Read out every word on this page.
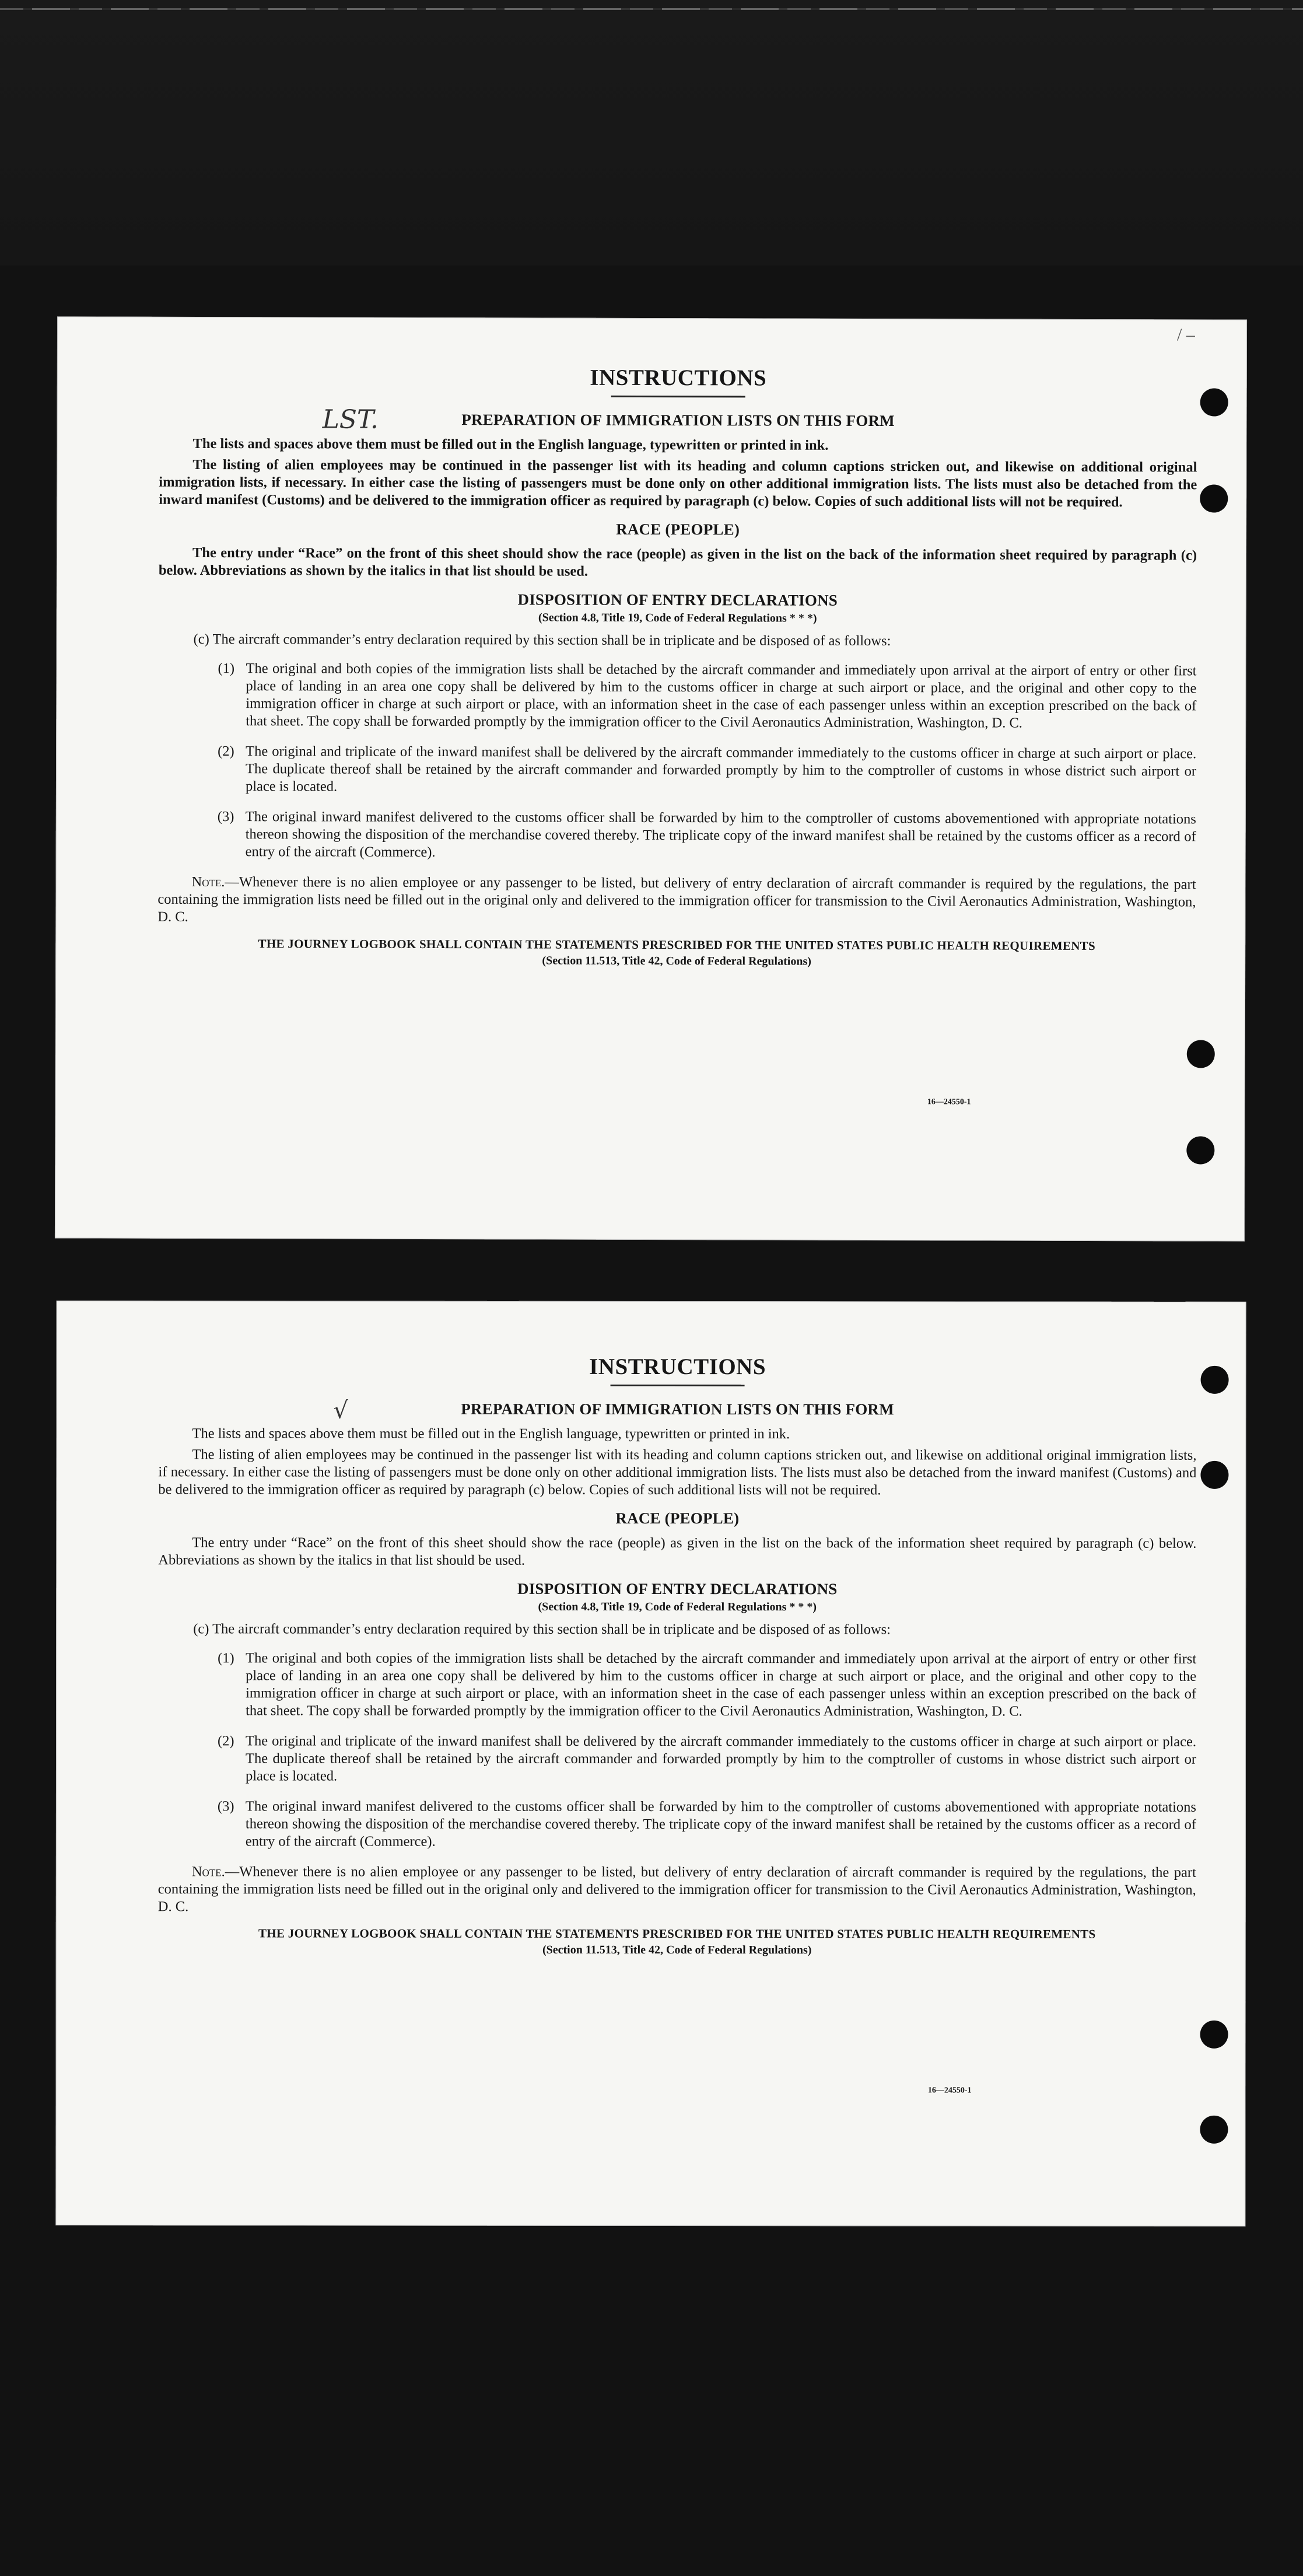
/ –
LST.
INSTRUCTIONS
PREPARATION OF IMMIGRATION LISTS ON THIS FORM

The lists and spaces above them must be filled out in the English language, typewritten or printed in ink.

The listing of alien employees may be continued in the passenger list with its heading and column captions stricken out, and likewise on additional original immigration lists, if necessary. In either case the listing of passengers must be done only on other additional immigration lists. The lists must also be detached from the inward manifest (Customs) and be delivered to the immigration officer as required by paragraph (c) below. Copies of such additional lists will not be required.

RACE (PEOPLE)

The entry under “Race” on the front of this sheet should show the race (people) as given in the list on the back of the information sheet required by paragraph (c) below. Abbreviations as shown by the italics in that list should be used.

DISPOSITION OF ENTRY DECLARATIONS
(Section 4.8, Title 19, Code of Federal Regulations * * *)
(c) The aircraft commander’s entry declaration required by this section shall be in triplicate and be disposed of as follows:
(1) The original and both copies of the immigration lists shall be detached by the aircraft commander and immediately upon arrival at the airport of entry or other first place of landing in an area one copy shall be delivered by him to the customs officer in charge at such airport or place, and the original and other copy to the immigration officer in charge at such airport or place, with an information sheet in the case of each passenger unless within an exception prescribed on the back of that sheet. The copy shall be forwarded promptly by the immigration officer to the Civil Aeronautics Administration, Washington, D. C.
(2) The original and triplicate of the inward manifest shall be delivered by the aircraft commander immediately to the customs officer in charge at such airport or place. The duplicate thereof shall be retained by the aircraft commander and forwarded promptly by him to the comptroller of customs in whose district such airport or place is located.
(3) The original inward manifest delivered to the customs officer shall be forwarded by him to the comptroller of customs abovementioned with appropriate notations thereon showing the disposition of the merchandise covered thereby. The triplicate copy of the inward manifest shall be retained by the customs officer as a record of entry of the aircraft (Commerce).
Note.—Whenever there is no alien employee or any passenger to be listed, but delivery of entry declaration of aircraft commander is required by the regulations, the part containing the immigration lists need be filled out in the original only and delivered to the immigration officer for transmission to the Civil Aeronautics Administration, Washington, D. C.
THE JOURNEY LOGBOOK SHALL CONTAIN THE STATEMENTS PRESCRIBED FOR THE UNITED STATES PUBLIC HEALTH REQUIREMENTS
(Section 11.513, Title 42, Code of Federal Regulations)
16—24550-1
√
INSTRUCTIONS
PREPARATION OF IMMIGRATION LISTS ON THIS FORM

The lists and spaces above them must be filled out in the English language, typewritten or printed in ink.

The listing of alien employees may be continued in the passenger list with its heading and column captions stricken out, and likewise on additional original immigration lists, if necessary. In either case the listing of passengers must be done only on other additional immigration lists. The lists must also be detached from the inward manifest (Customs) and be delivered to the immigration officer as required by paragraph (c) below. Copies of such additional lists will not be required.

RACE (PEOPLE)

The entry under “Race” on the front of this sheet should show the race (people) as given in the list on the back of the information sheet required by paragraph (c) below. Abbreviations as shown by the italics in that list should be used.

DISPOSITION OF ENTRY DECLARATIONS
(Section 4.8, Title 19, Code of Federal Regulations * * *)
(c) The aircraft commander’s entry declaration required by this section shall be in triplicate and be disposed of as follows:
(1) The original and both copies of the immigration lists shall be detached by the aircraft commander and immediately upon arrival at the airport of entry or other first place of landing in an area one copy shall be delivered by him to the customs officer in charge at such airport or place, and the original and other copy to the immigration officer in charge at such airport or place, with an information sheet in the case of each passenger unless within an exception prescribed on the back of that sheet. The copy shall be forwarded promptly by the immigration officer to the Civil Aeronautics Administration, Washington, D. C.
(2) The original and triplicate of the inward manifest shall be delivered by the aircraft commander immediately to the customs officer in charge at such airport or place. The duplicate thereof shall be retained by the aircraft commander and forwarded promptly by him to the comptroller of customs in whose district such airport or place is located.
(3) The original inward manifest delivered to the customs officer shall be forwarded by him to the comptroller of customs abovementioned with appropriate notations thereon showing the disposition of the merchandise covered thereby. The triplicate copy of the inward manifest shall be retained by the customs officer as a record of entry of the aircraft (Commerce).
Note.—Whenever there is no alien employee or any passenger to be listed, but delivery of entry declaration of aircraft commander is required by the regulations, the part containing the immigration lists need be filled out in the original only and delivered to the immigration officer for transmission to the Civil Aeronautics Administration, Washington, D. C.
THE JOURNEY LOGBOOK SHALL CONTAIN THE STATEMENTS PRESCRIBED FOR THE UNITED STATES PUBLIC HEALTH REQUIREMENTS
(Section 11.513, Title 42, Code of Federal Regulations)
16—24550-1
